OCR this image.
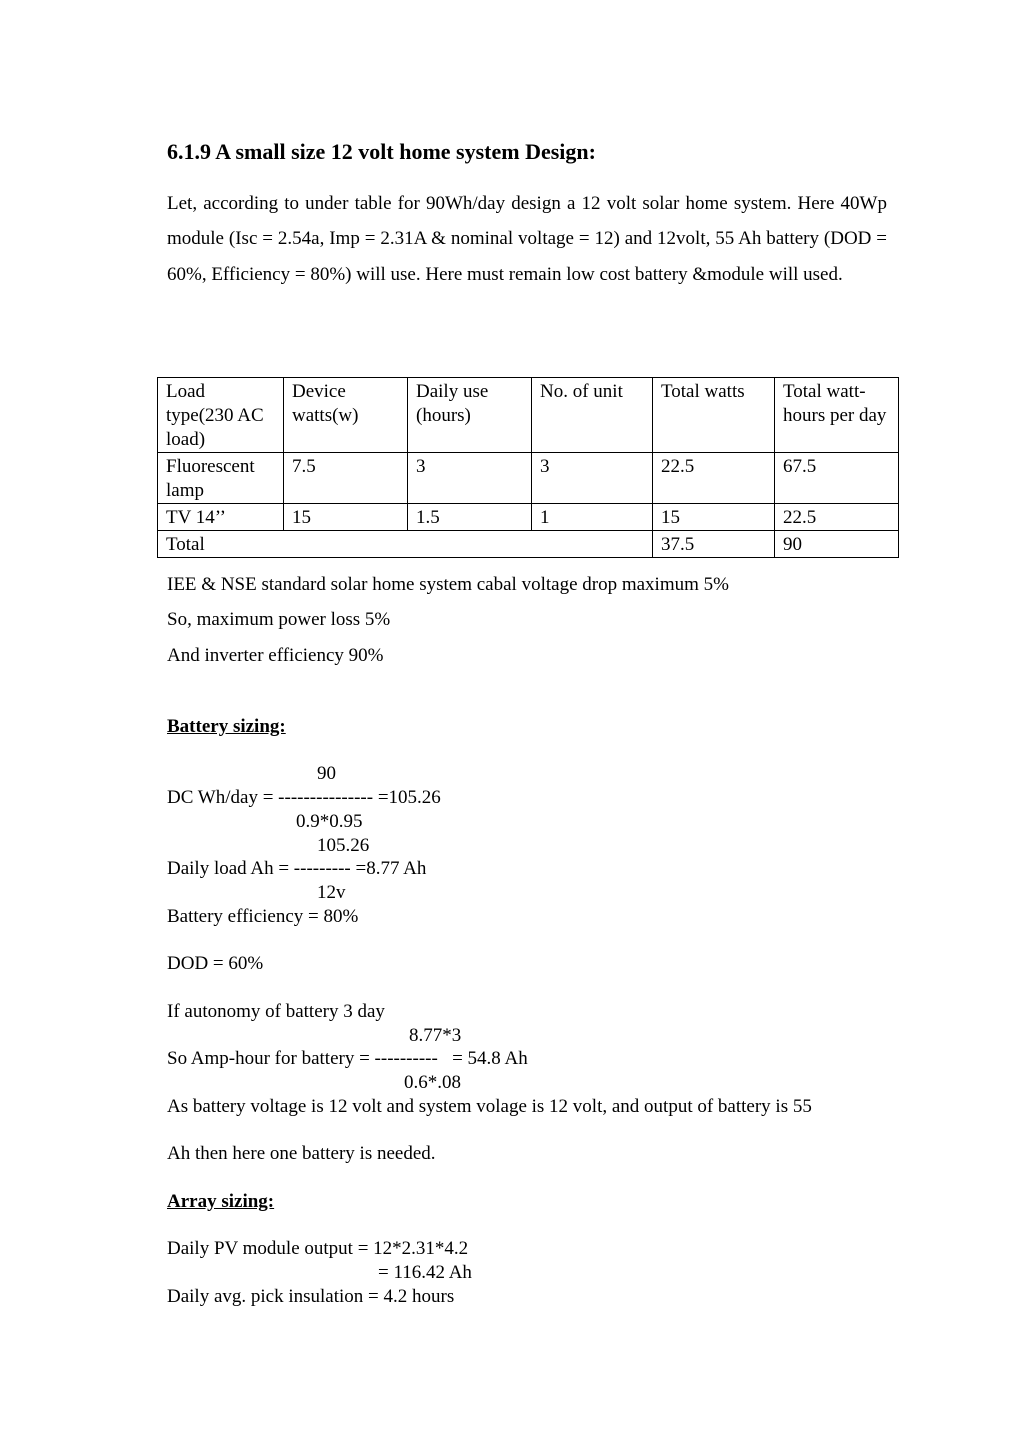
6.1.9 A small size 12 volt home system Design:
Let, according to under table for 90Wh/day design a 12 volt solar home system. Here 40Wp module (Isc = 2.54a, Imp = 2.31A & nominal voltage = 12) and 12volt, 55 Ah battery (DOD = 60%, Efficiency = 80%) will use. Here must remain low cost battery &module will used.
Load type(230 AC load)	Device watts(w)	Daily use (hours)	No. of unit	Total watts	Total watt-hours per day
Fluorescent lamp	7.5	3	3	22.5	67.5
TV 14’’	15	1.5	1	15	22.5
Total				37.5	90
IEE & NSE standard solar home system cabal voltage drop maximum 5%
So, maximum power loss 5%
And inverter efficiency 90%
Battery sizing:
90
DC Wh/day = --------------- =105.26
0.9*0.95
105.26
Daily load Ah = --------- =8.77 Ah
12v
Battery efficiency = 80%
DOD = 60%
If autonomy of battery 3 day
8.77*3
So Amp-hour for battery = ----------   = 54.8 Ah
0.6*.08
As battery voltage is 12 volt and system volage is 12 volt, and output of battery is 55
Ah then here one battery is needed.
Array sizing:
Daily PV module output = 12*2.31*4.2
= 116.42 Ah
Daily avg. pick insulation = 4.2 hours
